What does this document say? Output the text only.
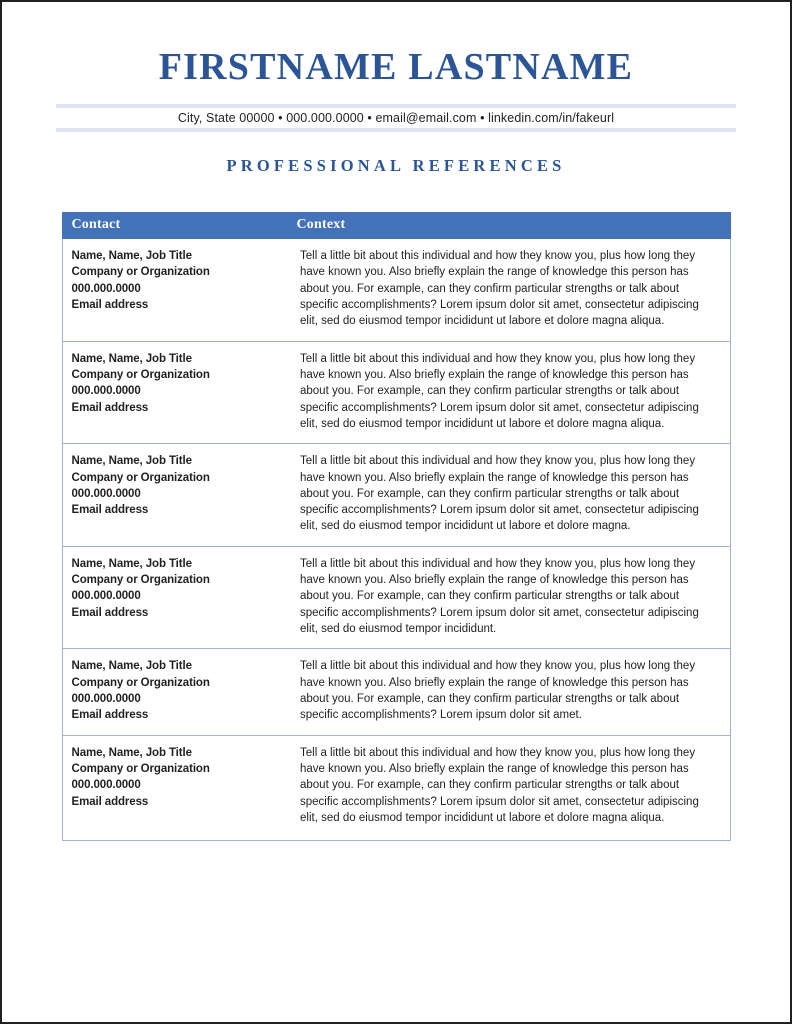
FIRSTNAME LASTNAME
City, State 00000 • 000.000.0000 • email@email.com • linkedin.com/in/fakeurl
PROFESSIONAL REFERENCES
Contact	Context

Name, Name, Job Title
Company or Organization
000.000.0000
Email address
	Tell a little bit about this individual and how they know you, plus how long they have known you. Also briefly explain the range of knowledge this person has about you. For example, can they confirm particular strengths or talk about specific accomplishments? Lorem ipsum dolor sit amet, consectetur adipiscing elit, sed do eiusmod tempor incididunt ut labore et dolore magna aliqua.

Name, Name, Job Title
Company or Organization
000.000.0000
Email address
	Tell a little bit about this individual and how they know you, plus how long they have known you. Also briefly explain the range of knowledge this person has about you. For example, can they confirm particular strengths or talk about specific accomplishments? Lorem ipsum dolor sit amet, consectetur adipiscing elit, sed do eiusmod tempor incididunt ut labore et dolore magna aliqua.

Name, Name, Job Title
Company or Organization
000.000.0000
Email address
	Tell a little bit about this individual and how they know you, plus how long they have known you. Also briefly explain the range of knowledge this person has about you. For example, can they confirm particular strengths or talk about specific accomplishments? Lorem ipsum dolor sit amet, consectetur adipiscing elit, sed do eiusmod tempor incididunt ut labore et dolore magna.

Name, Name, Job Title
Company or Organization
000.000.0000
Email address
	Tell a little bit about this individual and how they know you, plus how long they have known you. Also briefly explain the range of knowledge this person has about you. For example, can they confirm particular strengths or talk about specific accomplishments? Lorem ipsum dolor sit amet, consectetur adipiscing elit, sed do eiusmod tempor incididunt.

Name, Name, Job Title
Company or Organization
000.000.0000
Email address
	Tell a little bit about this individual and how they know you, plus how long they have known you. Also briefly explain the range of knowledge this person has about you. For example, can they confirm particular strengths or talk about specific accomplishments? Lorem ipsum dolor sit amet.

Name, Name, Job Title
Company or Organization
000.000.0000
Email address
	Tell a little bit about this individual and how they know you, plus how long they have known you. Also briefly explain the range of knowledge this person has about you. For example, can they confirm particular strengths or talk about specific accomplishments? Lorem ipsum dolor sit amet, consectetur adipiscing elit, sed do eiusmod tempor incididunt ut labore et dolore magna aliqua.
